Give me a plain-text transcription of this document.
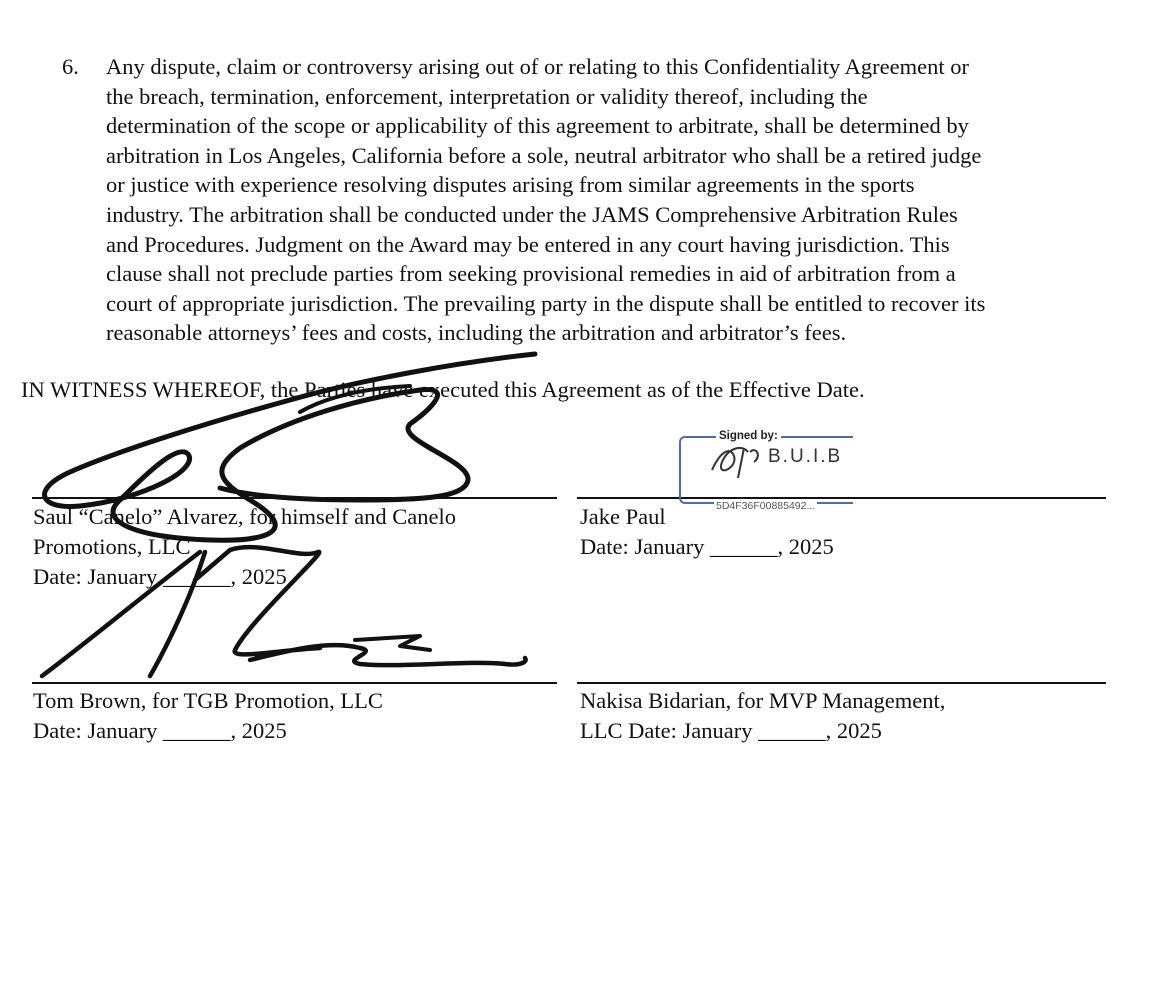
6.	Any dispute, claim or controversy arising out of or relating to this Confidentiality Agreement or
the breach, termination, enforcement, interpretation or validity thereof, including the
determination of the scope or applicability of this agreement to arbitrate, shall be determined by
arbitration in Los Angeles, California before a sole, neutral arbitrator who shall be a retired judge
or justice with experience resolving disputes arising from similar agreements in the sports
industry. The arbitration shall be conducted under the JAMS Comprehensive Arbitration Rules
and Procedures. Judgment on the Award may be entered in any court having jurisdiction. This
clause shall not preclude parties from seeking provisional remedies in aid of arbitration from a
court of appropriate jurisdiction. The prevailing party in the dispute shall be entitled to recover its
reasonable attorneys’ fees and costs, including the arbitration and arbitrator’s fees.
IN WITNESS WHEREOF, the Parties have executed this Agreement as of the Effective Date.
Saul “Canelo” Alvarez, for himself and Canelo
Promotions, LLC
Date: January ______, 2025
Jake Paul
Date: January ______, 2025
Tom Brown, for TGB Promotion, LLC
Date: January ______, 2025
Nakisa Bidarian, for MVP Management,
LLC Date: January ______, 2025
Signed by:
B.U.I.B
5D4F36F00885492...
